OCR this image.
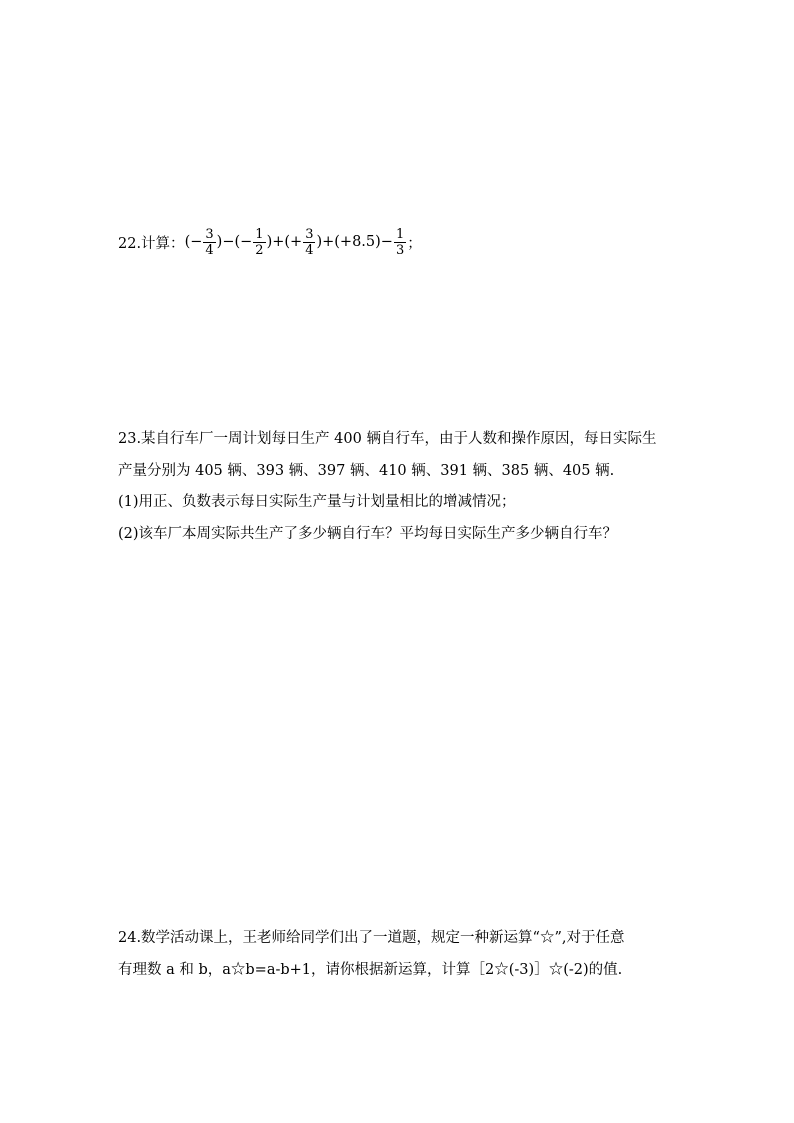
22.计算： (− $\frac{3}{4}$ )−(− $\frac{1}{2}$ )+(+ $\frac{3}{4} )+(+8.5)- \frac{1}{3}$ ；
23.某自行车厂一周计划每日生产 400 辆自行车，由于人数和操作原因，每日实际生
产量分别为 405 辆、393 辆、397 辆、410 辆、391 辆、385 辆、405 辆.
(1)用正、负数表示每日实际生产量与计划量相比的增减情况；
(2)该车厂本周实际共生产了多少辆自行车？平均每日实际生产多少辆自行车？
24.数学活动课上，王老师给同学们出了一道题，规定一种新运算“☆”,对于任意
有理数 a 和 b，a☆b=a-b+1，请你根据新运算，计算［2☆(-3)］☆(-2)的值.
